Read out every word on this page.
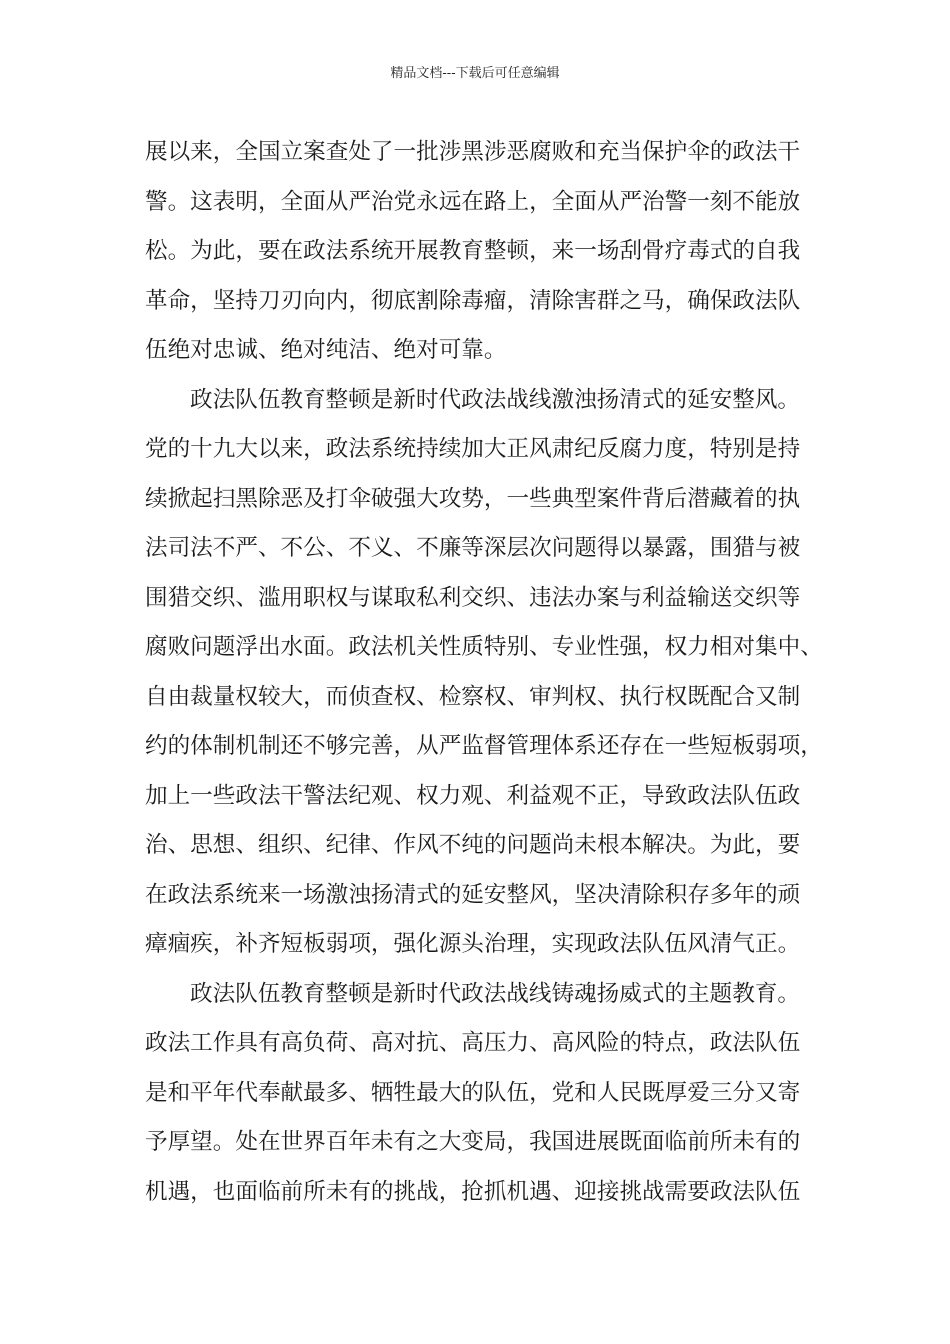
精品文档---下载后可任意编辑
展以来，全国立案查处了一批涉黑涉恶腐败和充当保护伞的政法干
警。这表明，全面从严治党永远在路上，全面从严治警一刻不能放
松。为此，要在政法系统开展教育整顿，来一场刮骨疗毒式的自我
革命，坚持刀刃向内，彻底割除毒瘤，清除害群之马，确保政法队
伍绝对忠诚、绝对纯洁、绝对可靠。
政法队伍教育整顿是新时代政法战线激浊扬清式的延安整风。
党的十九大以来，政法系统持续加大正风肃纪反腐力度，特别是持
续掀起扫黑除恶及打伞破强大攻势，一些典型案件背后潜藏着的执
法司法不严、不公、不义、不廉等深层次问题得以暴露，围猎与被
围猎交织、滥用职权与谋取私利交织、违法办案与利益输送交织等
腐败问题浮出水面。政法机关性质特别、专业性强，权力相对集中、
自由裁量权较大，而侦查权、检察权、审判权、执行权既配合又制
约的体制机制还不够完善，从严监督管理体系还存在一些短板弱项，
加上一些政法干警法纪观、权力观、利益观不正，导致政法队伍政
治、思想、组织、纪律、作风不纯的问题尚未根本解决。为此，要
在政法系统来一场激浊扬清式的延安整风，坚决清除积存多年的顽
瘴痼疾，补齐短板弱项，强化源头治理，实现政法队伍风清气正。
政法队伍教育整顿是新时代政法战线铸魂扬威式的主题教育。
政法工作具有高负荷、高对抗、高压力、高风险的特点，政法队伍
是和平年代奉献最多、牺牲最大的队伍，党和人民既厚爱三分又寄
予厚望。处在世界百年未有之大变局，我国进展既面临前所未有的
机遇，也面临前所未有的挑战，抢抓机遇、迎接挑战需要政法队伍
